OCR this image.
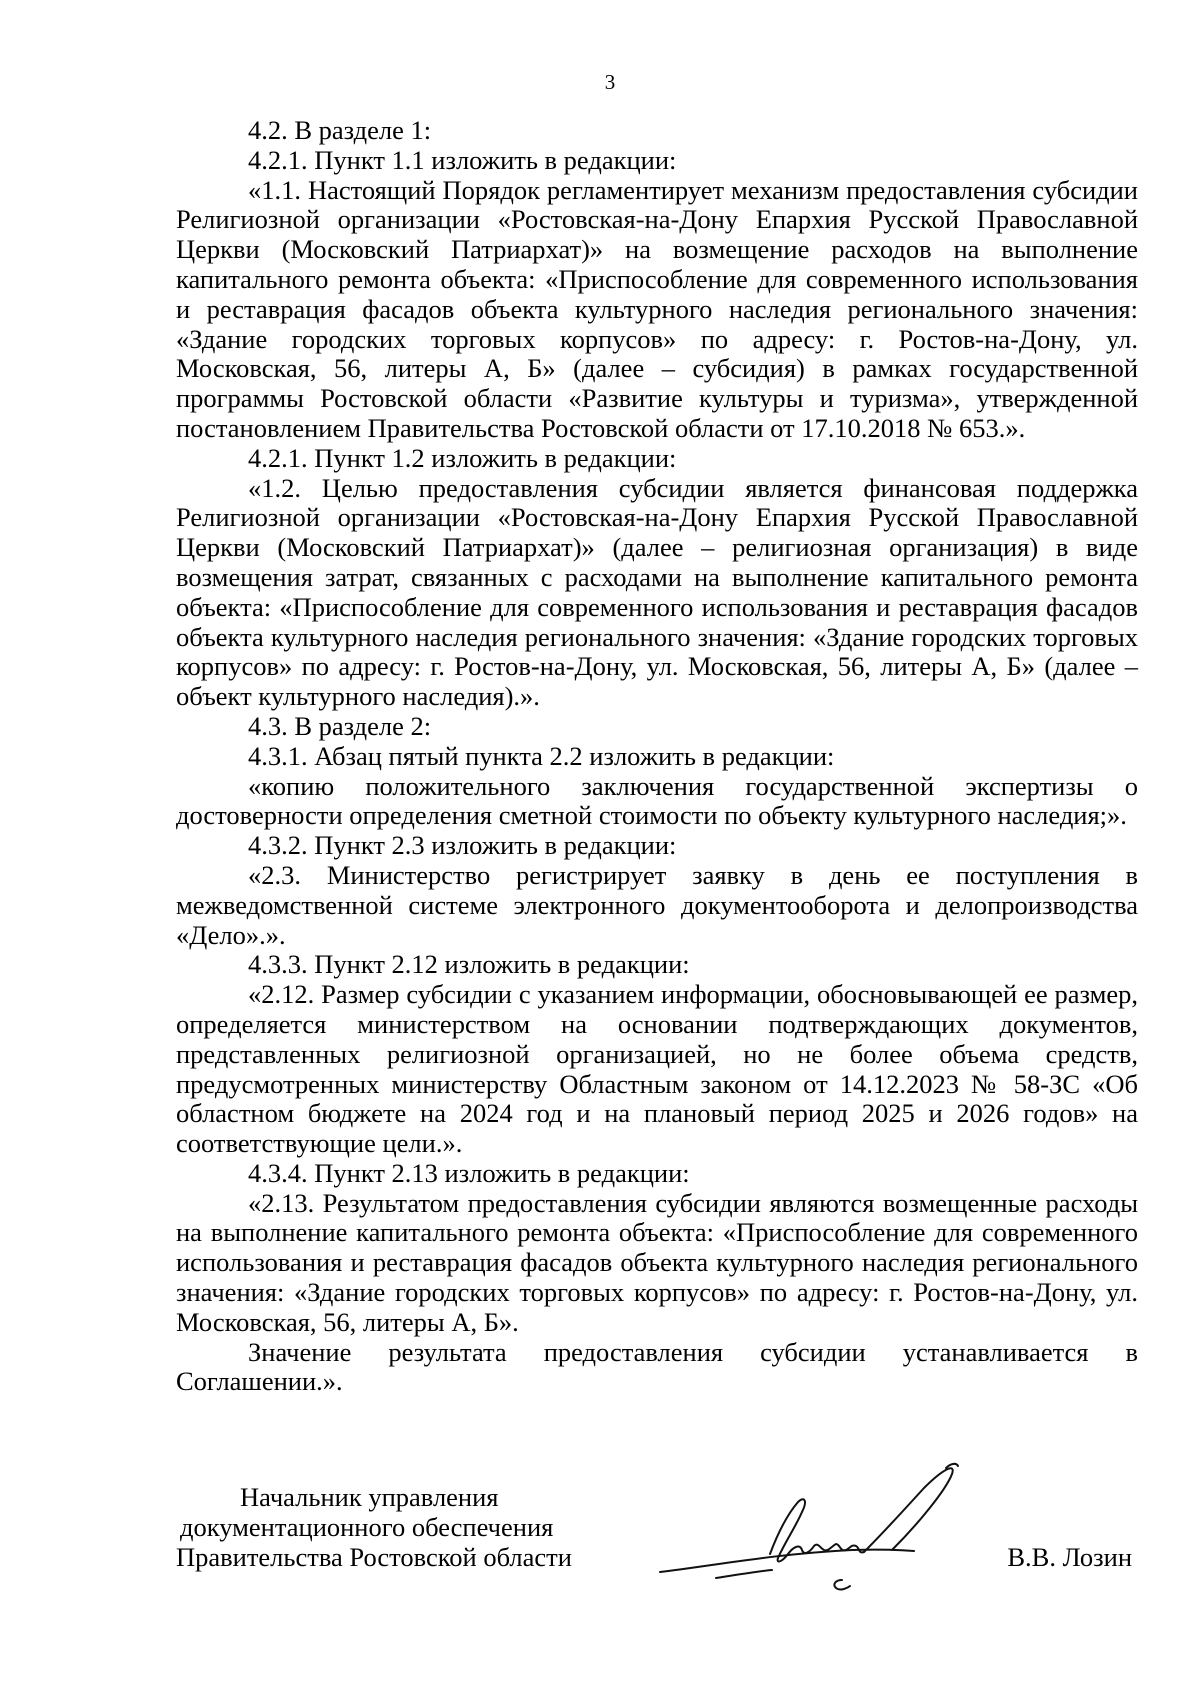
3

4.2. В разделе 1:

4.2.1. Пункт 1.1 изложить в редакции:

«1.1. Настоящий Порядок регламентирует механизм предоставления субсидии Религиозной организации «Ростовская-на-Дону Епархия Русской Православной Церкви (Московский Патриархат)» на возмещение расходов на выполнение капитального ремонта объекта: «Приспособление для современного использования и реставрация фасадов объекта культурного наследия регионального значения: «Здание городских торговых корпусов» по адресу: г. Ростов-на-Дону, ул. Московская, 56, литеры А, Б» (далее – субсидия) в рамках государственной программы Ростовской области «Развитие культуры и туризма», утвержденной постановлением Правительства Ростовской области от 17.10.2018 № 653.».

4.2.1. Пункт 1.2 изложить в редакции:

«1.2. Целью предоставления субсидии является финансовая поддержка Религиозной организации «Ростовская-на-Дону Епархия Русской Православной Церкви (Московский Патриархат)» (далее – религиозная организация) в виде возмещения затрат, связанных с расходами на выполнение капитального ремонта объекта: «Приспособление для современного использования и реставрация фасадов объекта культурного наследия регионального значения: «Здание городских торговых корпусов» по адресу: г. Ростов-на-Дону, ул. Московская, 56, литеры А, Б» (далее – объект культурного наследия).».

4.3. В разделе 2:

4.3.1. Абзац пятый пункта 2.2 изложить в редакции:

«копию положительного заключения государственной экспертизы о достоверности определения сметной стоимости по объекту культурного наследия;».

4.3.2. Пункт 2.3 изложить в редакции:

«2.3. Министерство регистрирует заявку в день ее поступления в межведомственной системе электронного документооборота и делопроизводства «Дело».».

4.3.3. Пункт 2.12 изложить в редакции:

«2.12. Размер субсидии с указанием информации, обосновывающей ее размер, определяется министерством на основании подтверждающих документов, представленных религиозной организацией, но не более объема средств, предусмотренных министерству Областным законом от 14.12.2023 № 58-ЗС «Об областном бюджете на 2024 год и на плановый период 2025 и 2026 годов» на соответствующие цели.».

4.3.4. Пункт 2.13 изложить в редакции:

«2.13. Результатом предоставления субсидии являются возмещенные расходы на выполнение капитального ремонта объекта: «Приспособление для современного использования и реставрация фасадов объекта культурного наследия регионального значения: «Здание городских торговых корпусов» по адресу: г. Ростов-на-Дону, ул. Московская, 56, литеры А, Б».

Значение результата предоставления субсидии устанавливается в Соглашении.».

Начальник управления
документационного обеспечения
Правительства Ростовской области	В.В. Лозин
